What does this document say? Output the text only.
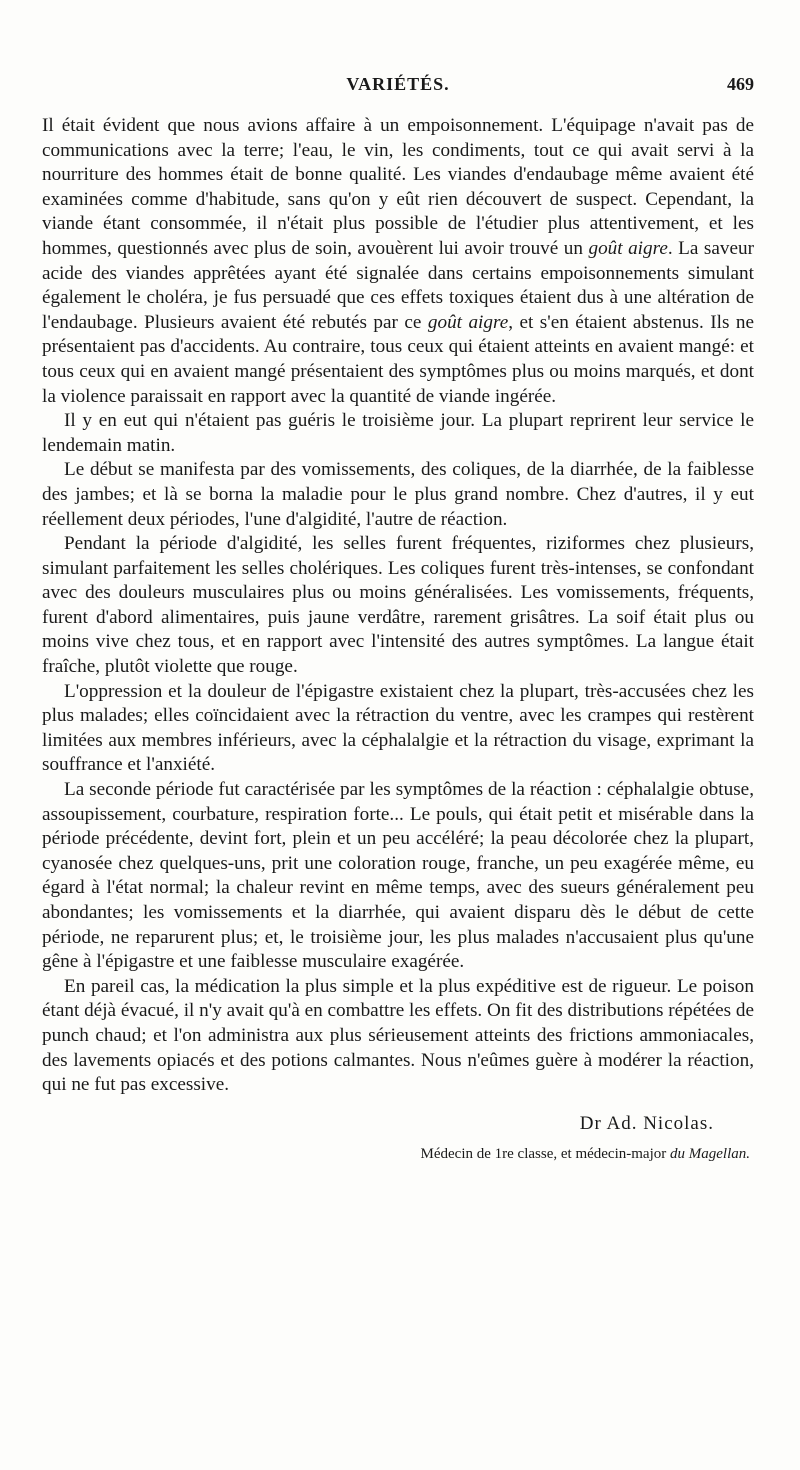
VARIÉTÉS.	469

Il était évident que nous avions affaire à un empoisonnement. L'équipage n'avait pas de communications avec la terre; l'eau, le vin, les condiments, tout ce qui avait servi à la nourriture des hommes était de bonne qualité. Les viandes d'endaubage même avaient été examinées comme d'habitude, sans qu'on y eût rien découvert de suspect. Cependant, la viande étant consommée, il n'était plus possible de l'étudier plus attentivement, et les hommes, questionnés avec plus de soin, avouèrent lui avoir trouvé un goût aigre. La saveur acide des viandes apprêtées ayant été signalée dans certains empoisonnements simulant également le choléra, je fus persuadé que ces effets toxiques étaient dus à une altération de l'endaubage. Plusieurs avaient été rebutés par ce goût aigre, et s'en étaient abstenus. Ils ne présentaient pas d'accidents. Au contraire, tous ceux qui étaient atteints en avaient mangé: et tous ceux qui en avaient mangé présentaient des symptômes plus ou moins marqués, et dont la violence paraissait en rapport avec la quantité de viande ingérée.

Il y en eut qui n'étaient pas guéris le troisième jour. La plupart reprirent leur service le lendemain matin.

Le début se manifesta par des vomissements, des coliques, de la diarrhée, de la faiblesse des jambes; et là se borna la maladie pour le plus grand nombre. Chez d'autres, il y eut réellement deux périodes, l'une d'algidité, l'autre de réaction.

Pendant la période d'algidité, les selles furent fréquentes, riziformes chez plusieurs, simulant parfaitement les selles cholériques. Les coliques furent très-intenses, se confondant avec des douleurs musculaires plus ou moins généralisées. Les vomissements, fréquents, furent d'abord alimentaires, puis jaune verdâtre, rarement grisâtres. La soif était plus ou moins vive chez tous, et en rapport avec l'intensité des autres symptômes. La langue était fraîche, plutôt violette que rouge.

L'oppression et la douleur de l'épigastre existaient chez la plupart, très-accusées chez les plus malades; elles coïncidaient avec la rétraction du ventre, avec les crampes qui restèrent limitées aux membres inférieurs, avec la céphalalgie et la rétraction du visage, exprimant la souffrance et l'anxiété.

La seconde période fut caractérisée par les symptômes de la réaction : céphalalgie obtuse, assoupissement, courbature, respiration forte... Le pouls, qui était petit et misérable dans la période précédente, devint fort, plein et un peu accéléré; la peau décolorée chez la plupart, cyanosée chez quelques-uns, prit une coloration rouge, franche, un peu exagérée même, eu égard à l'état normal; la chaleur revint en même temps, avec des sueurs généralement peu abondantes; les vomissements et la diarrhée, qui avaient disparu dès le début de cette période, ne reparurent plus; et, le troisième jour, les plus malades n'accusaient plus qu'une gêne à l'épigastre et une faiblesse musculaire exagérée.

En pareil cas, la médication la plus simple et la plus expéditive est de rigueur. Le poison étant déjà évacué, il n'y avait qu'à en combattre les effets. On fit des distributions répétées de punch chaud; et l'on administra aux plus sérieusement atteints des frictions ammoniacales, des lavements opiacés et des potions calmantes. Nous n'eûmes guère à modérer la réaction, qui ne fut pas excessive.

Dr Ad. Nicolas.
Médecin de 1re classe, et médecin-major du Magellan.
